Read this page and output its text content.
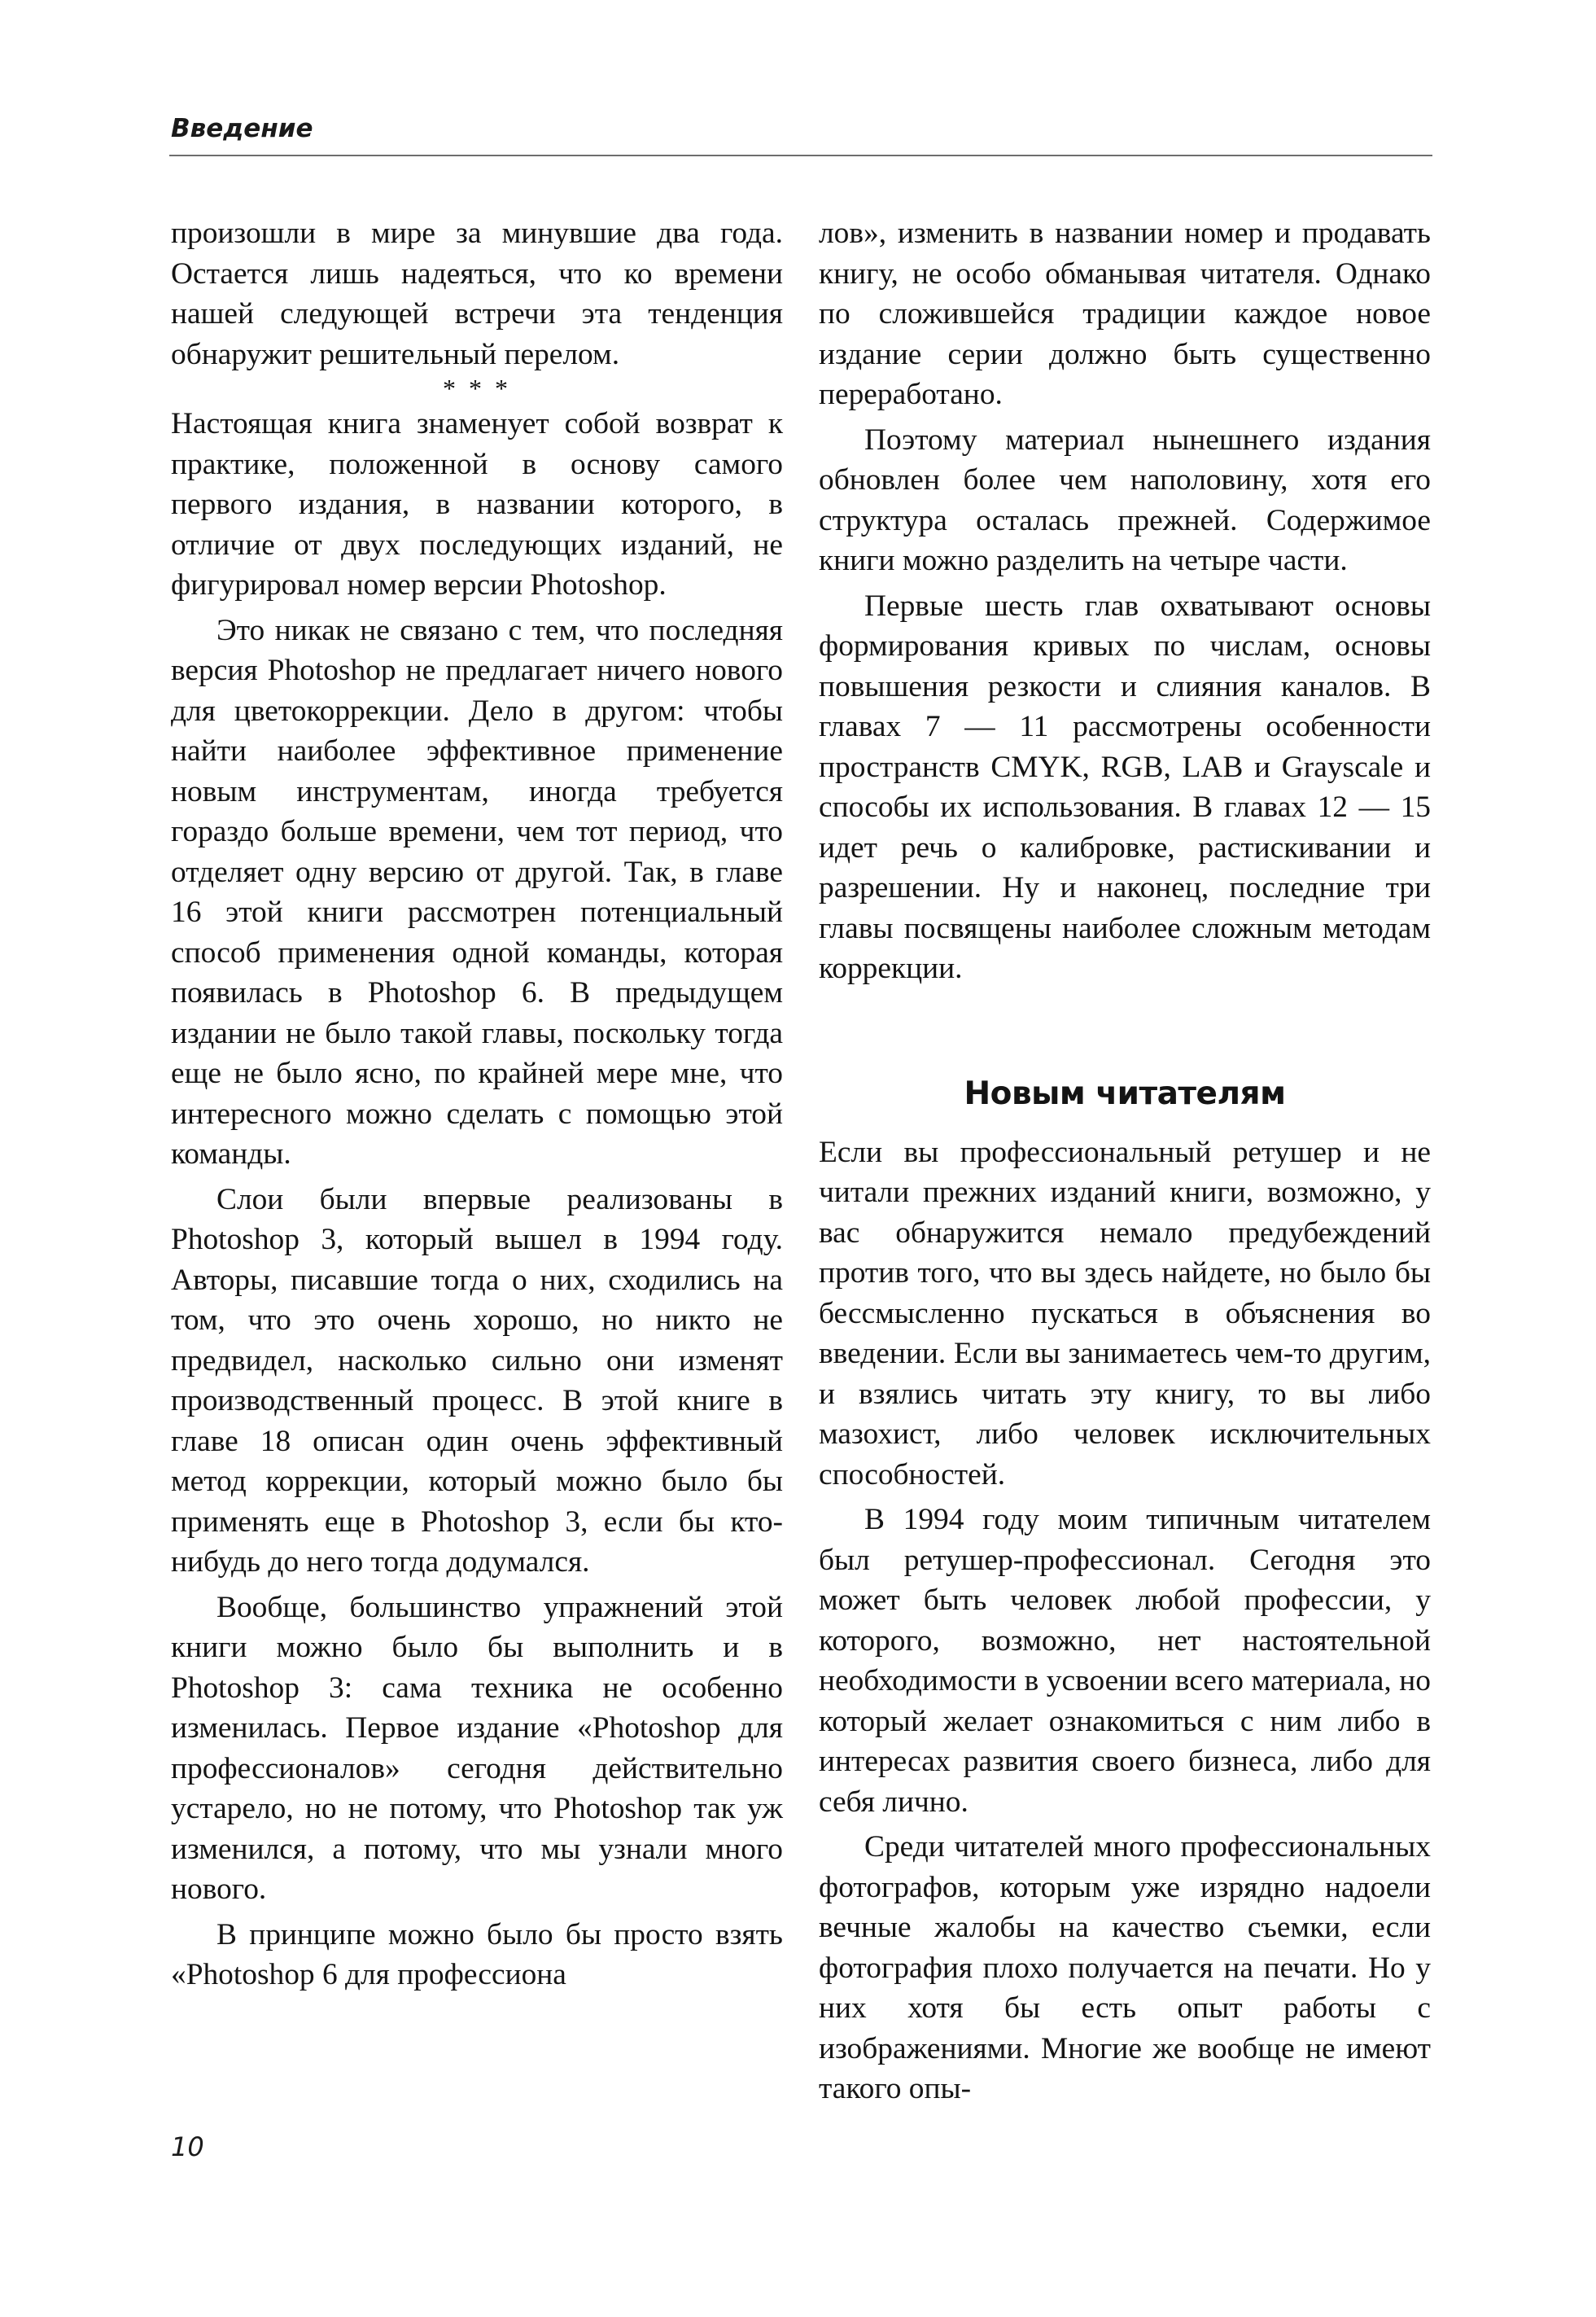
Введение

произошли в мире за минувшие два года. Остается лишь надеяться, что ко времени нашей следующей встречи эта тенденция обнаружит решительный перелом.

* * *

Настоящая книга знаменует собой возврат к практике, положенной в основу самого первого издания, в названии которого, в отличие от двух последующих изданий, не фигурировал номер версии Photoshop.

Это никак не связано с тем, что последняя версия Photoshop не предлагает ничего нового для цветокоррекции. Дело в другом: чтобы найти наиболее эффективное применение новым инструментам, иногда требуется гораздо больше времени, чем тот период, что отделяет одну версию от другой. Так, в главе 16 этой книги рассмотрен потенциальный способ применения одной команды, которая появилась в Photoshop 6. В предыдущем издании не было такой главы, поскольку тогда еще не было ясно, по крайней мере мне, что интересного можно сделать с помощью этой команды.

Слои были впервые реализованы в Photoshop 3, который вышел в 1994 году. Авторы, писавшие тогда о них, сходились на том, что это очень хорошо, но никто не предвидел, насколько сильно они изменят производственный процесс. В этой книге в главе 18 описан один очень эффективный метод коррекции, который можно было бы применять еще в Photoshop 3, если бы кто-нибудь до него тогда додумался.

Вообще, большинство упражнений этой книги можно было бы выполнить и в Photoshop 3: сама техника не особенно изменилась. Первое издание «Photoshop для профессионалов» сегодня действительно устарело, но не потому, что Photoshop так уж изменился, а потому, что мы узнали много нового.

В принципе можно было бы просто взять «Photoshop 6 для профессиона

лов», изменить в названии номер и продавать книгу, не особо обманывая читателя. Однако по сложившейся традиции каждое новое издание серии должно быть существенно переработано.

Поэтому материал нынешнего издания обновлен более чем наполовину, хотя его структура осталась прежней. Содержимое книги можно разделить на четыре части.

Первые шесть глав охватывают основы формирования кривых по числам, основы повышения резкости и слияния каналов. В главах 7 — 11 рассмотрены особенности пространств CMYK, RGB, LAB и Grayscale и способы их использования. В главах 12 — 15 идет речь о калибровке, растискивании и разрешении. Ну и наконец, последние три главы посвящены наиболее сложным методам коррекции.

Новым читателям

Если вы профессиональный ретушер и не читали прежних изданий книги, возможно, у вас обнаружится немало предубеждений против того, что вы здесь найдете, но было бы бессмысленно пускаться в объяснения во введении. Если вы занимаетесь чем-то другим, и взялись читать эту книгу, то вы либо мазохист, либо человек исключительных способностей.

В 1994 году моим типичным читателем был ретушер-профессионал. Сегодня это может быть человек любой профессии, у которого, возможно, нет настоятельной необходимости в усвоении всего материала, но который желает ознакомиться с ним либо в интересах развития своего бизнеса, либо для себя лично.

Среди читателей много профессиональных фотографов, которым уже изрядно надоели вечные жалобы на качество съемки, если фотография плохо получается на печати. Но у них хотя бы есть опыт работы с изображениями. Многие же вообще не имеют такого опы-

10
